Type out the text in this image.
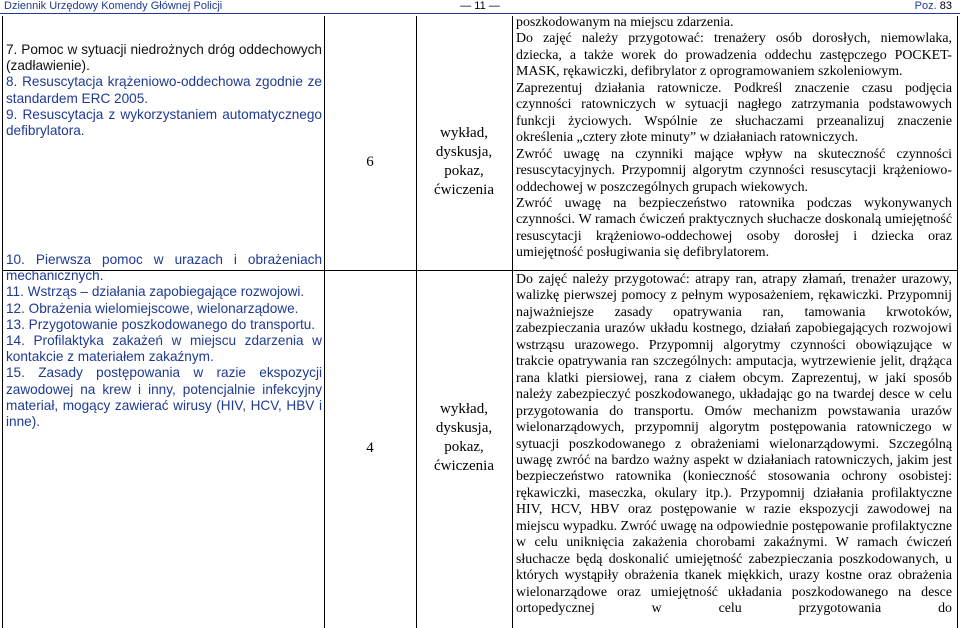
Dziennik Urzędowy Komendy Głównej Policji	— 11 —	Poz. 83

7. Pomoc w sytuacji niedrożnych dróg oddechowych (zadławienie).

8. Resuscytacja krążeniowo-oddechowa zgodnie ze standardem ERC 2005.

9. Resuscytacja z wykorzystaniem automatycznego defibrylatora.

6
wykład,
dyskusja,
pokaz,
ćwiczenia

poszkodowanym na miejscu zdarzenia.

Do zajęć należy przygotować: trenażery osób dorosłych, niemowlaka, dziecka, a także worek do prowadzenia oddechu zastępczego POCKET-MASK, rękawiczki, defibrylator z oprogramowaniem szkoleniowym.

Zaprezentuj działania ratownicze. Podkreśl znaczenie czasu podjęcia czynności ratowniczych w sytuacji nagłego zatrzymania podstawowych funkcji życiowych. Wspólnie ze słuchaczami przeanalizuj znaczenie określenia „cztery złote minuty” w działaniach ratowniczych.

Zwróć uwagę na czynniki mające wpływ na skuteczność czynności resuscytacyjnych. Przypomnij algorytm czynności resuscytacji krążeniowo-oddechowej w poszczególnych grupach wiekowych.

Zwróć uwagę na bezpieczeństwo ratownika podczas wykonywanych czynności. W ramach ćwiczeń praktycznych słuchacze doskonalą umiejętność resuscytacji krążeniowo-oddechowej osoby dorosłej i dziecka oraz umiejętność posługiwania się defibrylatorem.

10. Pierwsza pomoc w urazach i obrażeniach mechanicznych.

11. Wstrząs – działania zapobiegające rozwojowi.

12. Obrażenia wielomiejscowe, wielonarządowe.

13. Przygotowanie poszkodowanego do transportu.

14. Profilaktyka zakażeń w miejscu zdarzenia w kontakcie z materiałem zakaźnym.

15. Zasady postępowania w razie ekspozycji zawodowej na krew i inny, potencjalnie infekcyjny materiał, mogący zawierać wirusy (HIV, HCV, HBV i inne).

4
wykład,
dyskusja,
pokaz,
ćwiczenia

Do zajęć należy przygotować: atrapy ran, atrapy złamań, trenażer urazowy, walizkę pierwszej pomocy z pełnym wyposażeniem, rękawiczki. Przypomnij najważniejsze zasady opatrywania ran, tamowania krwotoków, zabezpieczania urazów układu kostnego, działań zapobiegających rozwojowi wstrząsu urazowego. Przypomnij algorytmy czynności obowiązujące w trakcie opatrywania ran szczególnych: amputacja, wytrzewienie jelit, drążąca rana klatki piersiowej, rana z ciałem obcym. Zaprezentuj, w jaki sposób należy zabezpieczyć poszkodowanego, układając go na twardej desce w celu przygotowania do transportu. Omów mechanizm powstawania urazów wielonarządowych, przypomnij algorytm postępowania ratowniczego w sytuacji poszkodowanego z obrażeniami wielonarządowymi. Szczególną uwagę zwróć na bardzo ważny aspekt w działaniach ratowniczych, jakim jest bezpieczeństwo ratownika (konieczność stosowania ochrony osobistej: rękawiczki, maseczka, okulary itp.). Przypomnij działania profilaktyczne HIV, HCV, HBV oraz postępowanie w razie ekspozycji zawodowej na miejscu wypadku. Zwróć uwagę na odpowiednie postępowanie profilaktyczne w celu uniknięcia zakażenia chorobami zakaźnymi. W ramach ćwiczeń słuchacze będą doskonalić umiejętność zabezpieczania poszkodowanych, u których wystąpiły obrażenia tkanek miękkich, urazy kostne oraz obrażenia wielonarządowe oraz umiejętność układania poszkodowanego na desce ortopedycznej w celu przygotowania do
